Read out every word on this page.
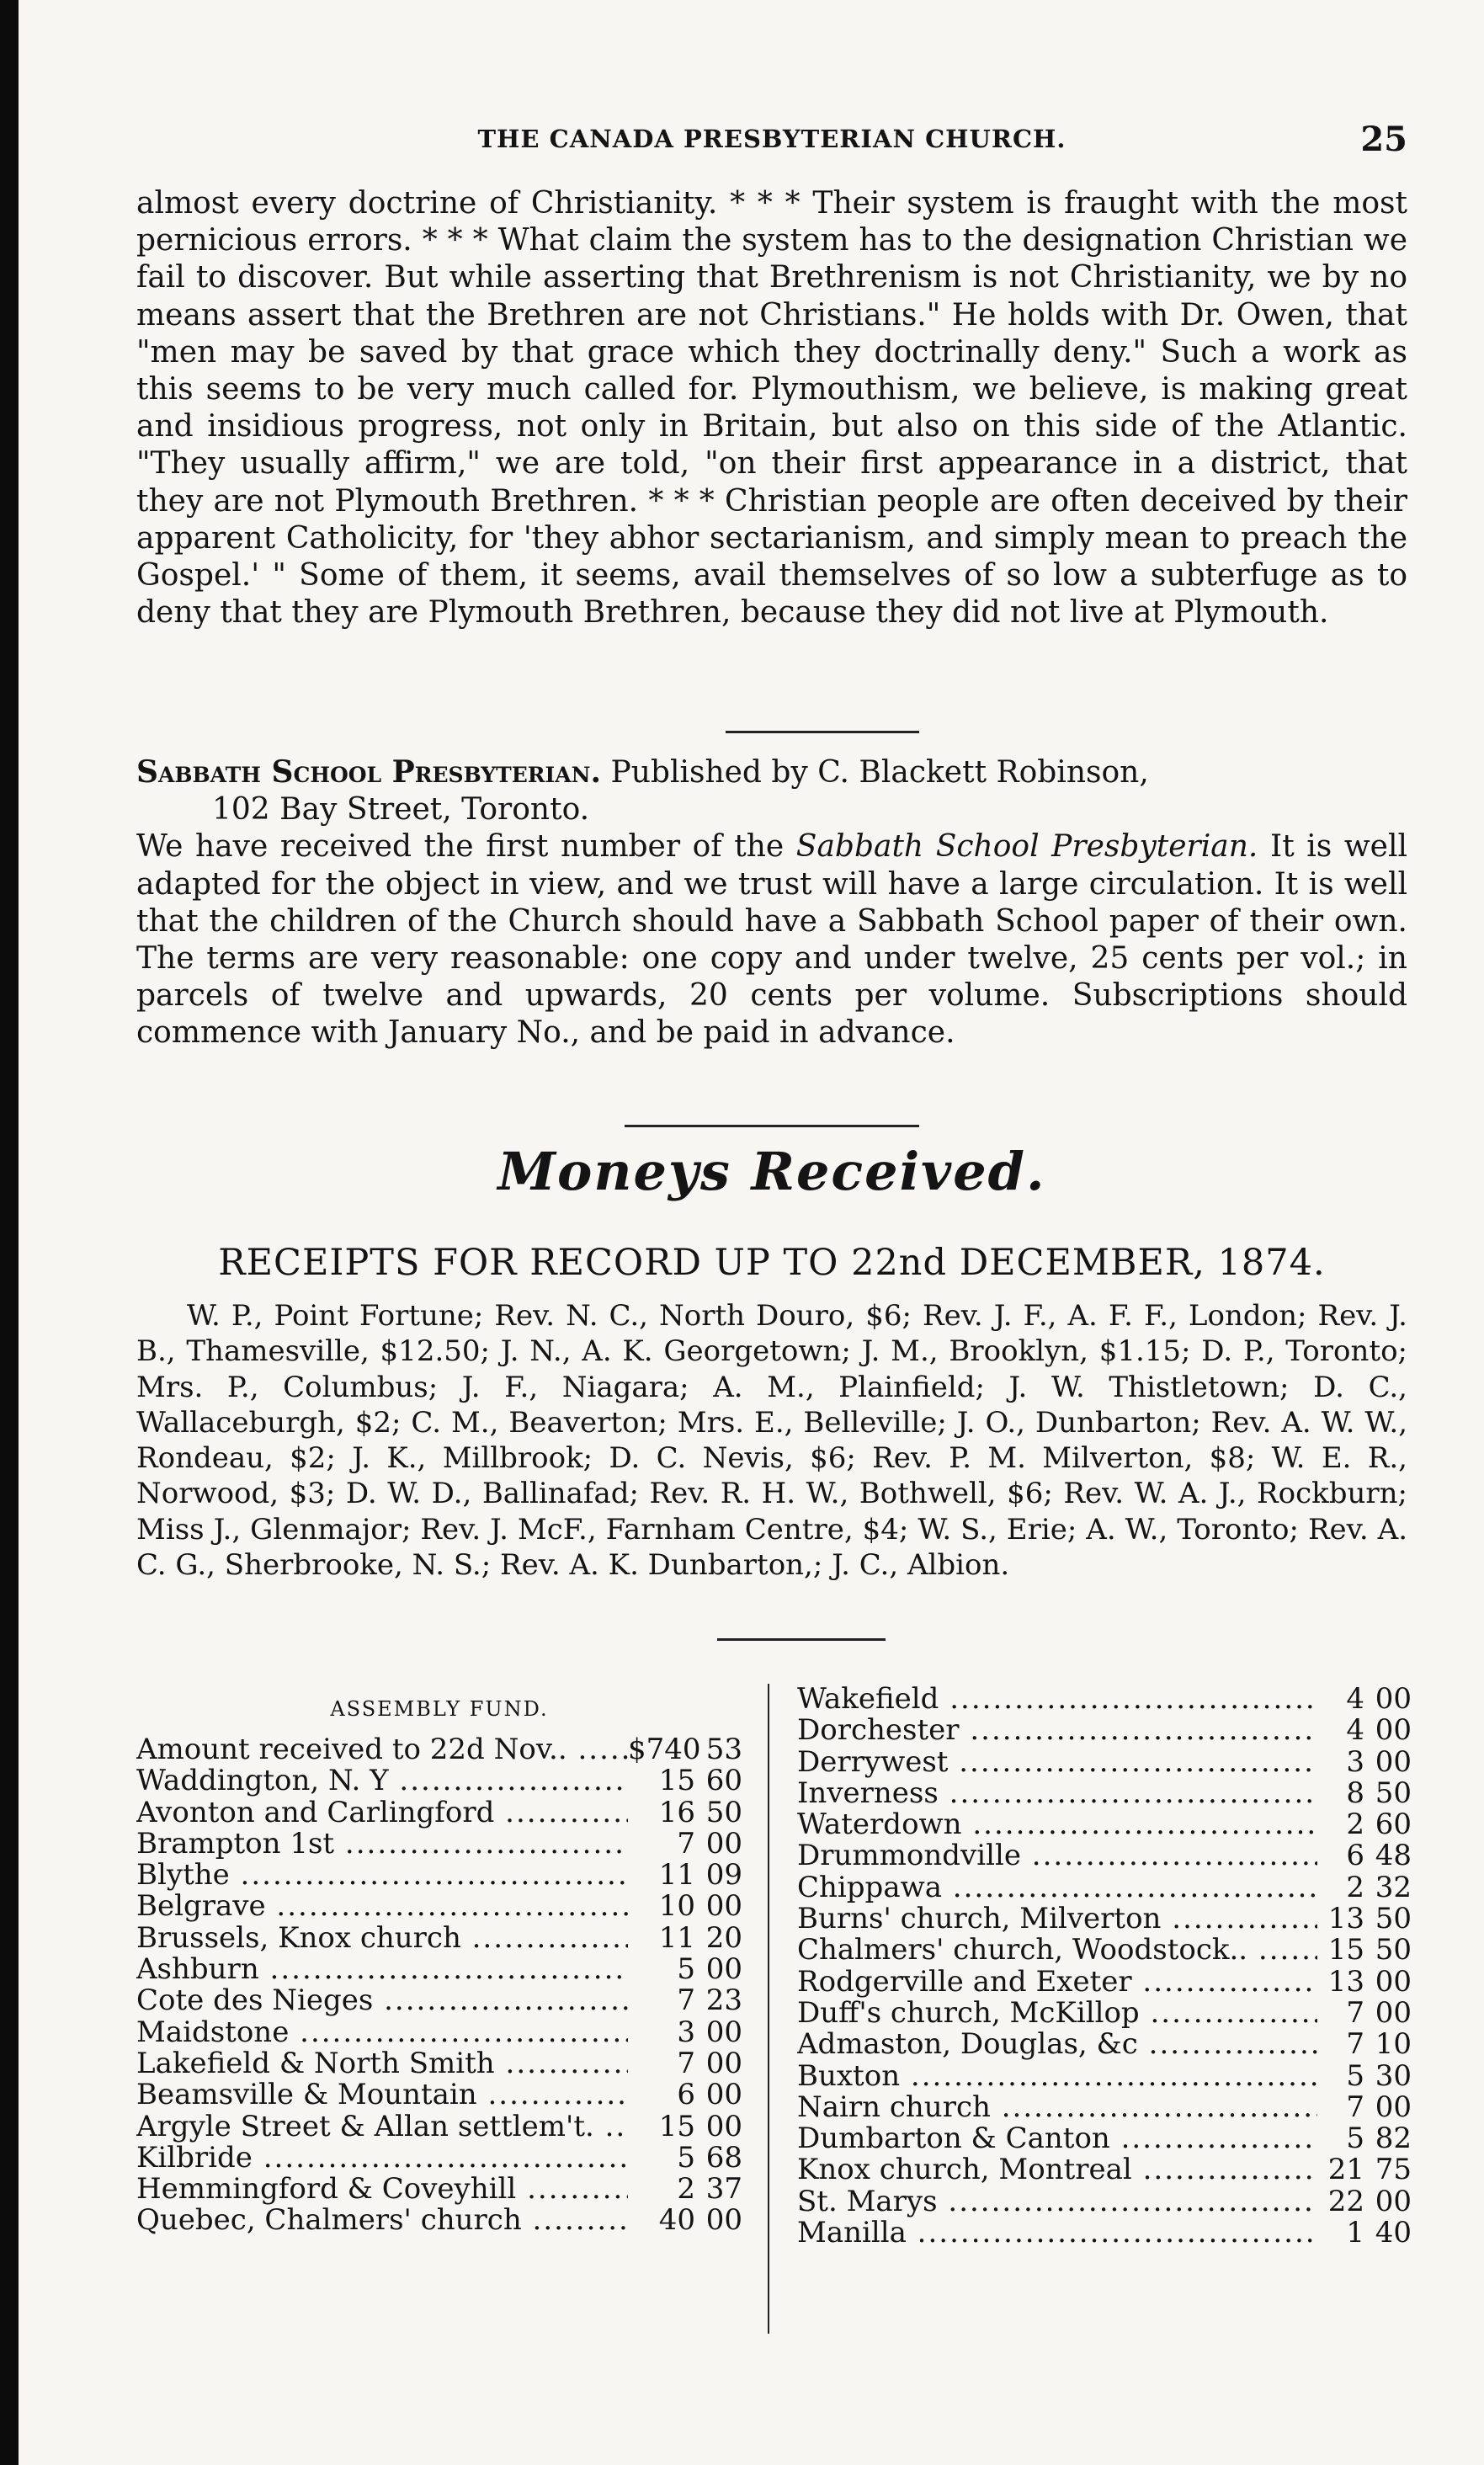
THE CANADA PRESBYTERIAN CHURCH.	25

almost every doctrine of Christianity. * * * Their system is fraught with the most pernicious errors. * * * What claim the system has to the designation Christian we fail to discover. But while asserting that Brethrenism is not Christianity, we by no means assert that the Brethren are not Christians." He holds with Dr. Owen, that "men may be saved by that grace which they doctrinally deny." Such a work as this seems to be very much called for. Plymouthism, we believe, is making great and insidious progress, not only in Britain, but also on this side of the Atlantic. "They usually affirm," we are told, "on their first appearance in a district, that they are not Plymouth Brethren. * * * Christian people are often deceived by their apparent Catholicity, for 'they abhor sectarianism, and simply mean to preach the Gospel.' " Some of them, it seems, avail themselves of so low a subterfuge as to deny that they are Plymouth Brethren, because they did not live at Plymouth.

Sabbath School Presbyterian. Published by C. Blackett Robinson,
102 Bay Street, Toronto.
We have received the first number of the Sabbath School Presbyterian. It is well adapted for the object in view, and we trust will have a large circulation. It is well that the children of the Church should have a Sabbath School paper of their own. The terms are very reasonable: one copy and under twelve, 25 cents per vol.; in parcels of twelve and upwards, 20 cents per volume. Subscriptions should commence with January No., and be paid in advance.

Moneys Received.
RECEIPTS FOR RECORD UP TO 22nd DECEMBER, 1874.

W. P., Point Fortune; Rev. N. C., North Douro, $6; Rev. J. F., A. F. F., London; Rev. J. B., Thamesville, $12.50; J. N., A. K. Georgetown; J. M., Brooklyn, $1.15; D. P., Toronto; Mrs. P., Columbus; J. F., Niagara; A. M., Plainfield; J. W. Thistletown; D. C., Wallaceburgh, $2; C. M., Beaverton; Mrs. E., Belleville; J. O., Dunbarton; Rev. A. W. W., Rondeau, $2; J. K., Millbrook; D. C. Nevis, $6; Rev. P. M. Milverton, $8; W. E. R., Norwood, $3; D. W. D., Ballinafad; Rev. R. H. W., Bothwell, $6; Rev. W. A. J., Rockburn; Miss J., Glenmajor; Rev. J. McF., Farnham Centre, $4; W. S., Erie; A. W., Toronto; Rev. A. C. G., Sherbrooke, N. S.; Rev. A. K. Dunbarton,; J. C., Albion.

ASSEMBLY FUND.
Amount received to 22d Nov.. .....	$740 53
Waddington, N. Y .....	15 60
Avonton and Carlingford .....	16 50
Brampton 1st .....	7 00
Blythe .....	11 09
Belgrave .....	10 00
Brussels, Knox church .....	11 20
Ashburn .....	5 00
Cote des Nieges .....	7 23
Maidstone .....	3 00
Lakefield & North Smith .....	7 00
Beamsville & Mountain .....	6 00
Argyle Street & Allan settlem't. .....	15 00
Kilbride .....	5 68
Hemmingford & Coveyhill .....	2 37
Quebec, Chalmers' church .....	40 00
Wakefield .....	4 00
Dorchester .....	4 00
Derrywest .....	3 00
Inverness .....	8 50
Waterdown .....	2 60
Drummondville .....	6 48
Chippawa .....	2 32
Burns' church, Milverton .....	13 50
Chalmers' church, Woodstock.. .....	15 50
Rodgerville and Exeter .....	13 00
Duff's church, McKillop .....	7 00
Admaston, Douglas, &c .....	7 10
Buxton .....	5 30
Nairn church .....	7 00
Dumbarton & Canton .....	5 82
Knox church, Montreal .....	21 75
St. Marys .....	22 00
Manilla .....	1 40
